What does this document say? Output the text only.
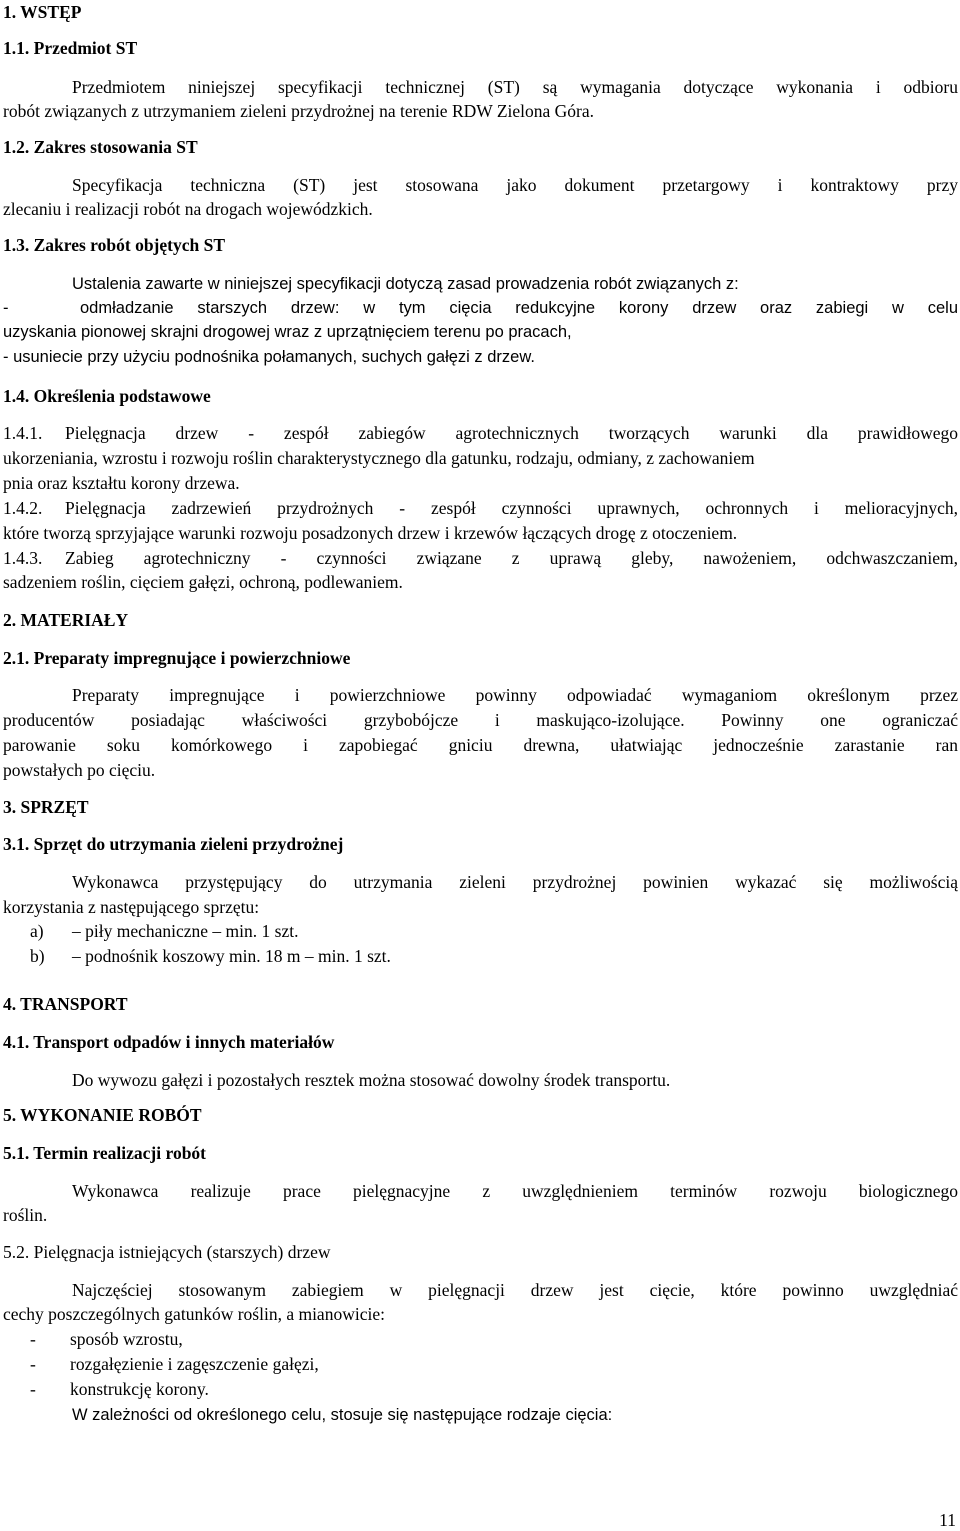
1. WSTĘP
1.1. Przedmiot ST
Przedmiotem niniejszej specyfikacji technicznej (ST) są wymagania dotyczące wykonania i odbioru
robót związanych z utrzymaniem zieleni przydrożnej na terenie RDW Zielona Góra.
1.2. Zakres stosowania ST
Specyfikacja techniczna (ST) jest stosowana jako dokument przetargowy i kontraktowy przy
zlecaniu i realizacji robót na drogach wojewódzkich.
1.3. Zakres robót objętych ST
Ustalenia zawarte w niniejszej specyfikacji dotyczą zasad prowadzenia robót związanych z:
-	odmładzanie starszych drzew: w tym cięcia redukcyjne korony drzew oraz zabiegi w celu
uzyskania pionowej skrajni drogowej wraz z uprzątnięciem terenu po pracach,
- usuniecie przy użyciu podnośnika połamanych, suchych gałęzi z drzew.
1.4. Określenia podstawowe
1.4.1.	Pielęgnacja drzew - zespół zabiegów agrotechnicznych tworzących warunki dla prawidłowego
ukorzeniania, wzrostu i rozwoju roślin charakterystycznego dla gatunku, rodzaju, odmiany, z zachowaniem
pnia oraz kształtu korony drzewa.
1.4.2.	Pielęgnacja zadrzewień przydrożnych - zespół czynności uprawnych, ochronnych i melioracyjnych,
które tworzą sprzyjające warunki rozwoju posadzonych drzew i krzewów łączących drogę z otoczeniem.
1.4.3.	Zabieg agrotechniczny - czynności związane z uprawą gleby, nawożeniem, odchwaszczaniem,
sadzeniem roślin, cięciem gałęzi, ochroną, podlewaniem.
2. MATERIAŁY
2.1. Preparaty impregnujące i powierzchniowe
Preparaty impregnujące i powierzchniowe powinny odpowiadać wymaganiom określonym przez
producentów posiadając właściwości grzybobójcze i maskująco-izolujące. Powinny one ograniczać
parowanie soku komórkowego i zapobiegać gniciu drewna, ułatwiając jednocześnie zarastanie ran
powstałych po cięciu.
3. SPRZĘT
3.1. Sprzęt do utrzymania zieleni przydrożnej
Wykonawca przystępujący do utrzymania zieleni przydrożnej powinien wykazać się możliwością
korzystania z następującego sprzętu:
a)	– piły mechaniczne – min. 1 szt.
b)	– podnośnik koszowy min. 18 m – min. 1 szt.
4. TRANSPORT
4.1. Transport odpadów i innych materiałów
Do wywozu gałęzi i pozostałych resztek można stosować dowolny środek transportu.
5. WYKONANIE ROBÓT
5.1. Termin realizacji robót
Wykonawca realizuje prace pielęgnacyjne z uwzględnieniem terminów rozwoju biologicznego
roślin.
5.2. Pielęgnacja istniejących (starszych) drzew
Najczęściej stosowanym zabiegiem w pielęgnacji drzew jest cięcie, które powinno uwzględniać
cechy poszczególnych gatunków roślin, a mianowicie:
-	sposób wzrostu,
-	rozgałęzienie i zagęszczenie gałęzi,
-	konstrukcję korony.
W zależności od określonego celu, stosuje się następujące rodzaje cięcia:
11
